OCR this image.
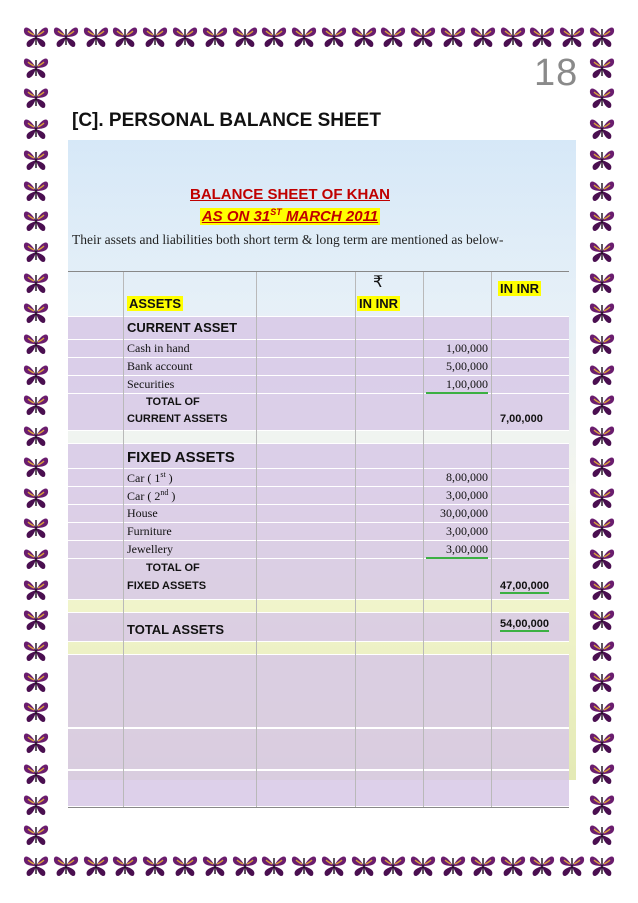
18
[C]. PERSONAL BALANCE SHEET
BALANCE SHEET OF KHAN
AS ON 31ST MARCH 2011
Their assets and liabilities both short term & long term are mentioned as below-
₹	IN INR
ASSETS	IN INR
CURRENT ASSET
Cash in hand	1,00,000
Bank account	5,00,000
Securities	1,00,000
TOTAL OF
CURRENT ASSETS	7,00,000
FIXED ASSETS
Car ( 1st )	8,00,000
Car ( 2nd )	3,00,000
House	30,00,000
Furniture	3,00,000
Jewellery	3,00,000
TOTAL OF
FIXED ASSETS	47,00,000
TOTAL ASSETS	54,00,000
